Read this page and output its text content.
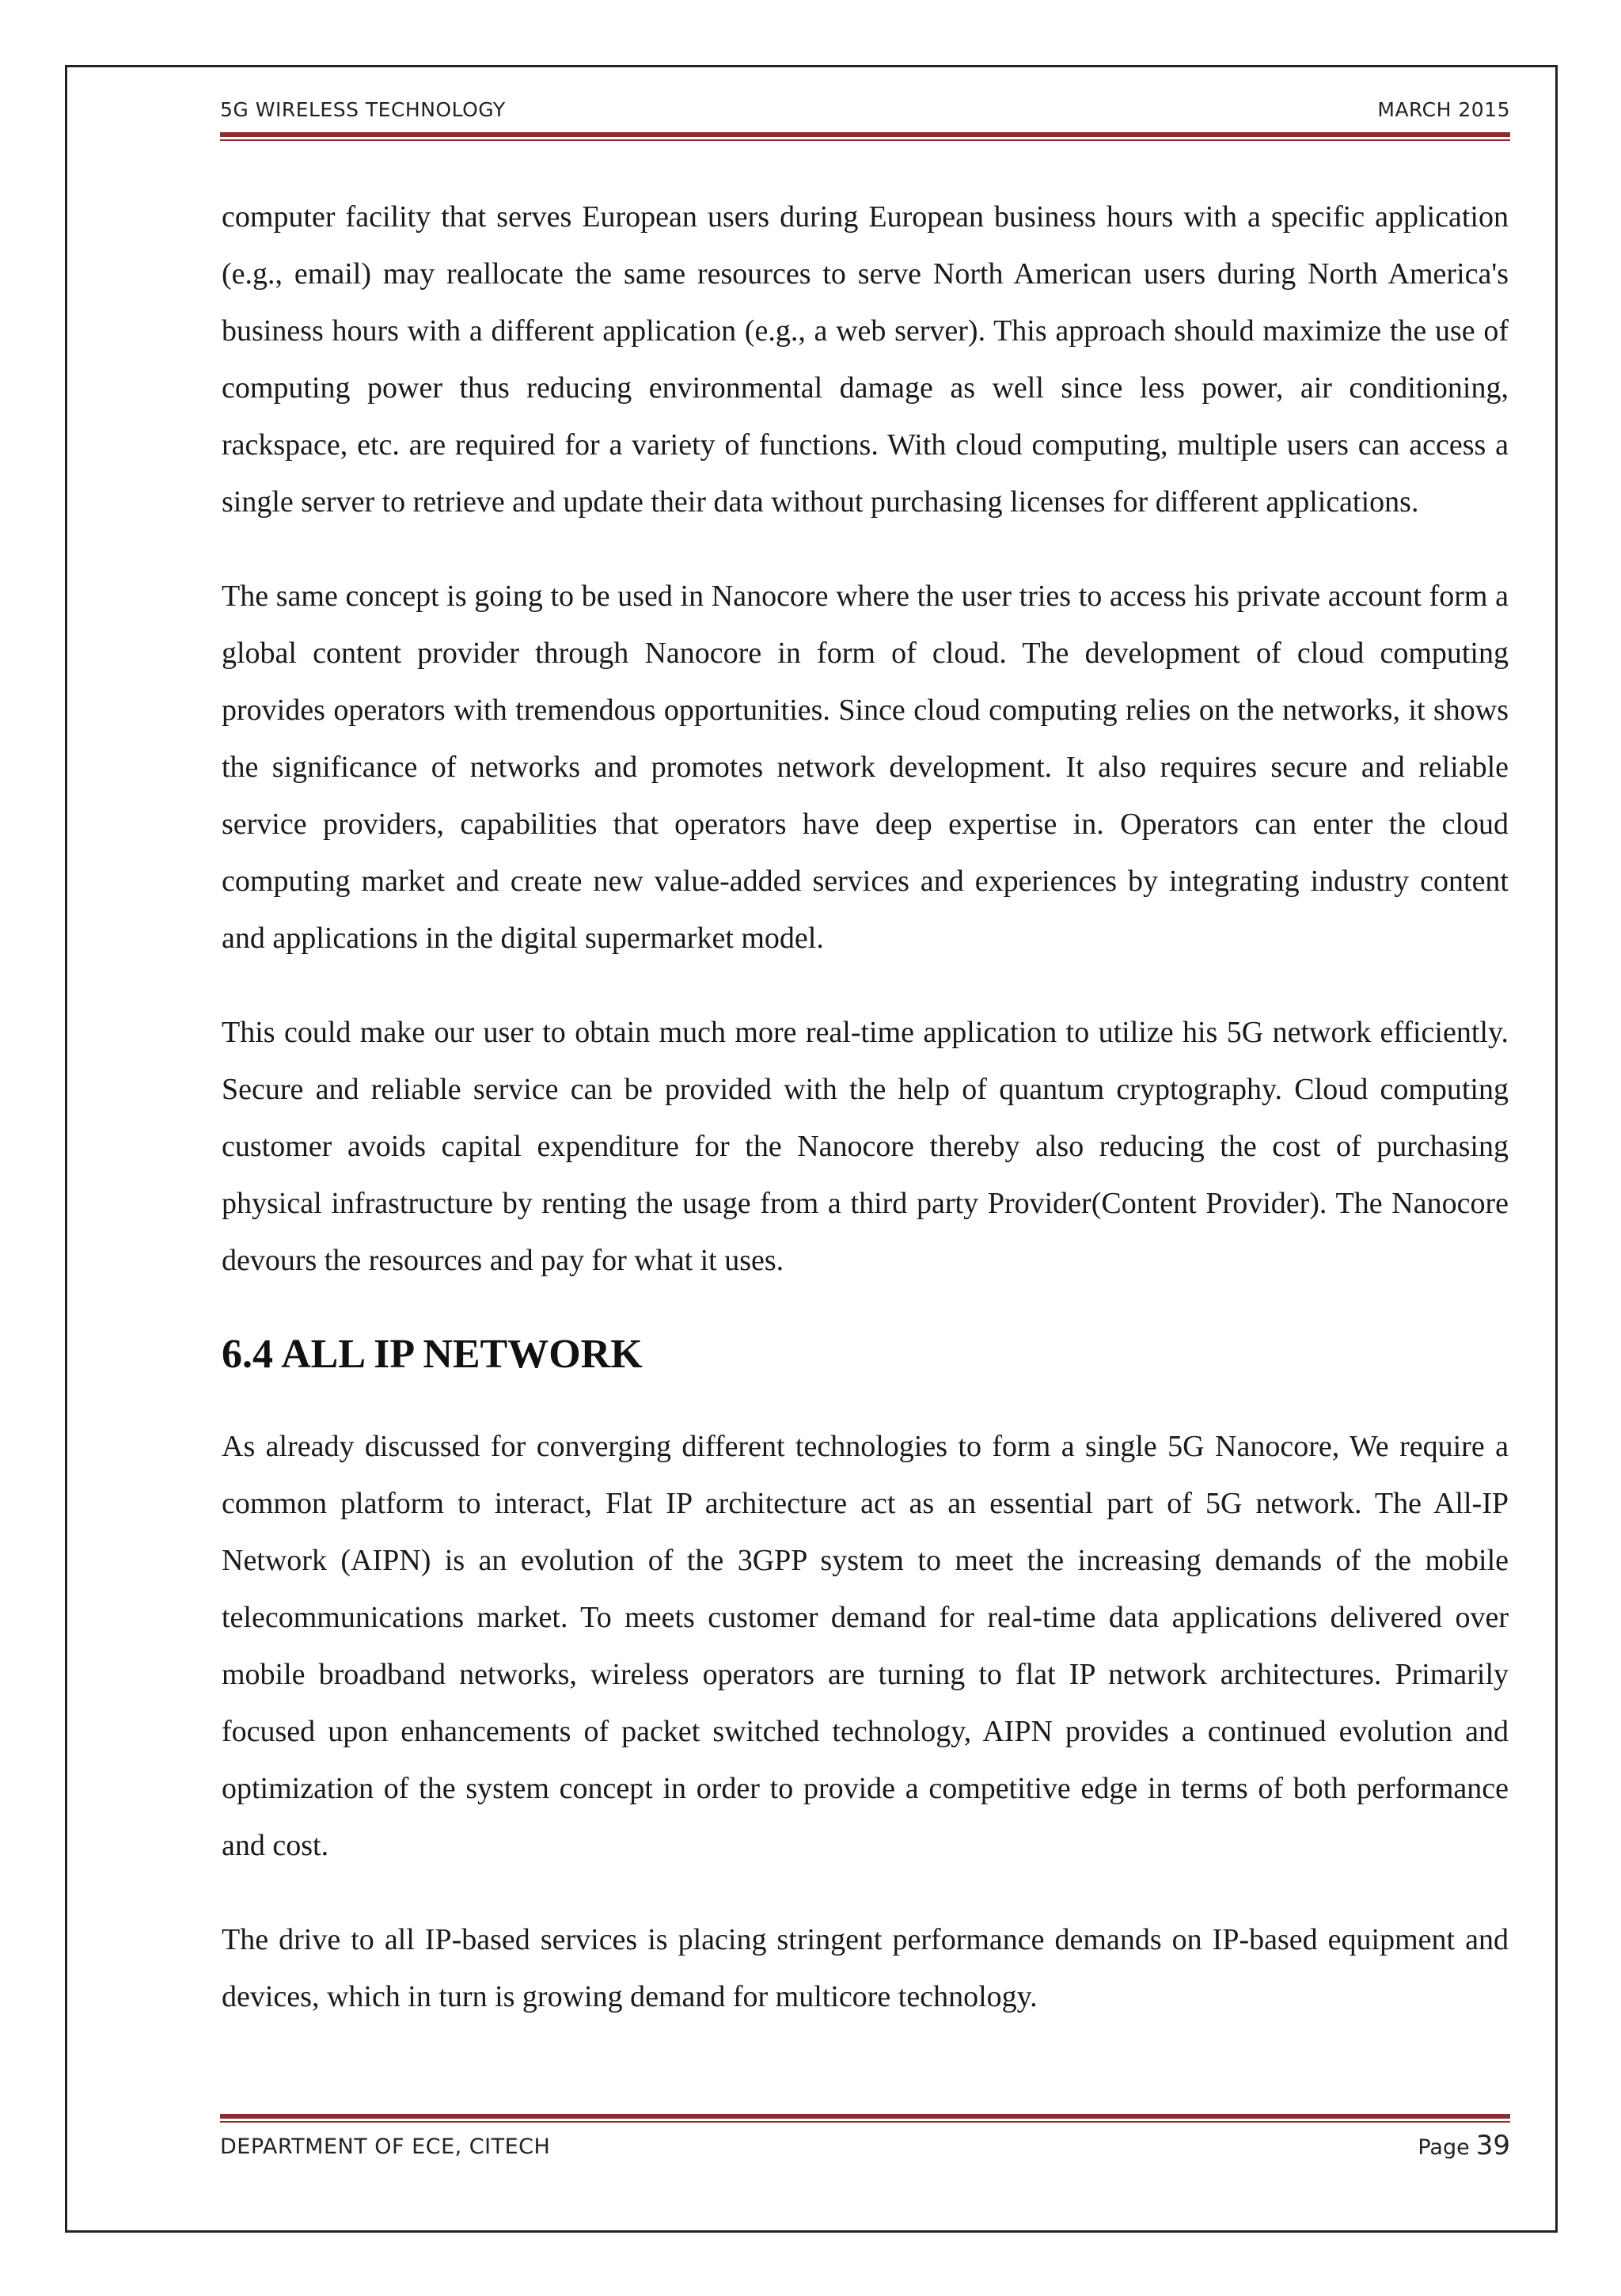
5G WIRELESS TECHNOLOGY	MARCH 2015

computer facility that serves European users during European business hours with a specific application (e.g., email) may reallocate the same resources to serve North American users during North America's business hours with a different application (e.g., a web server). This approach should maximize the use of computing power thus reducing environmental damage as well since less power, air conditioning, rackspace, etc. are required for a variety of functions. With cloud computing, multiple users can access a single server to retrieve and update their data without purchasing licenses for different applications.

The same concept is going to be used in Nanocore where the user tries to access his private account form a global content provider through Nanocore in form of cloud. The development of cloud computing provides operators with tremendous opportunities. Since cloud computing relies on the networks, it shows the significance of networks and promotes network development. It also requires secure and reliable service providers, capabilities that operators have deep expertise in. Operators can enter the cloud computing market and create new value-added services and experiences by integrating industry content and applications in the digital supermarket model.

This could make our user to obtain much more real-time application to utilize his 5G network efficiently. Secure and reliable service can be provided with the help of quantum cryptography. Cloud computing customer avoids capital expenditure for the Nanocore thereby also reducing the cost of purchasing physical infrastructure by renting the usage from a third party Provider(Content Provider). The Nanocore devours the resources and pay for what it uses.

6.4 ALL IP NETWORK

As already discussed for converging different technologies to form a single 5G Nanocore, We require a common platform to interact, Flat IP architecture act as an essential part of 5G network. The All-IP Network (AIPN) is an evolution of the 3GPP system to meet the increasing demands of the mobile telecommunications market. To meets customer demand for real-time data applications delivered over mobile broadband networks, wireless operators are turning to flat IP network architectures. Primarily focused upon enhancements of packet switched technology, AIPN provides a continued evolution and optimization of the system concept in order to provide a competitive edge in terms of both performance and cost.

The drive to all IP-based services is placing stringent performance demands on IP-based equipment and devices, which in turn is growing demand for multicore technology.

DEPARTMENT OF ECE, CITECH	Page 39
